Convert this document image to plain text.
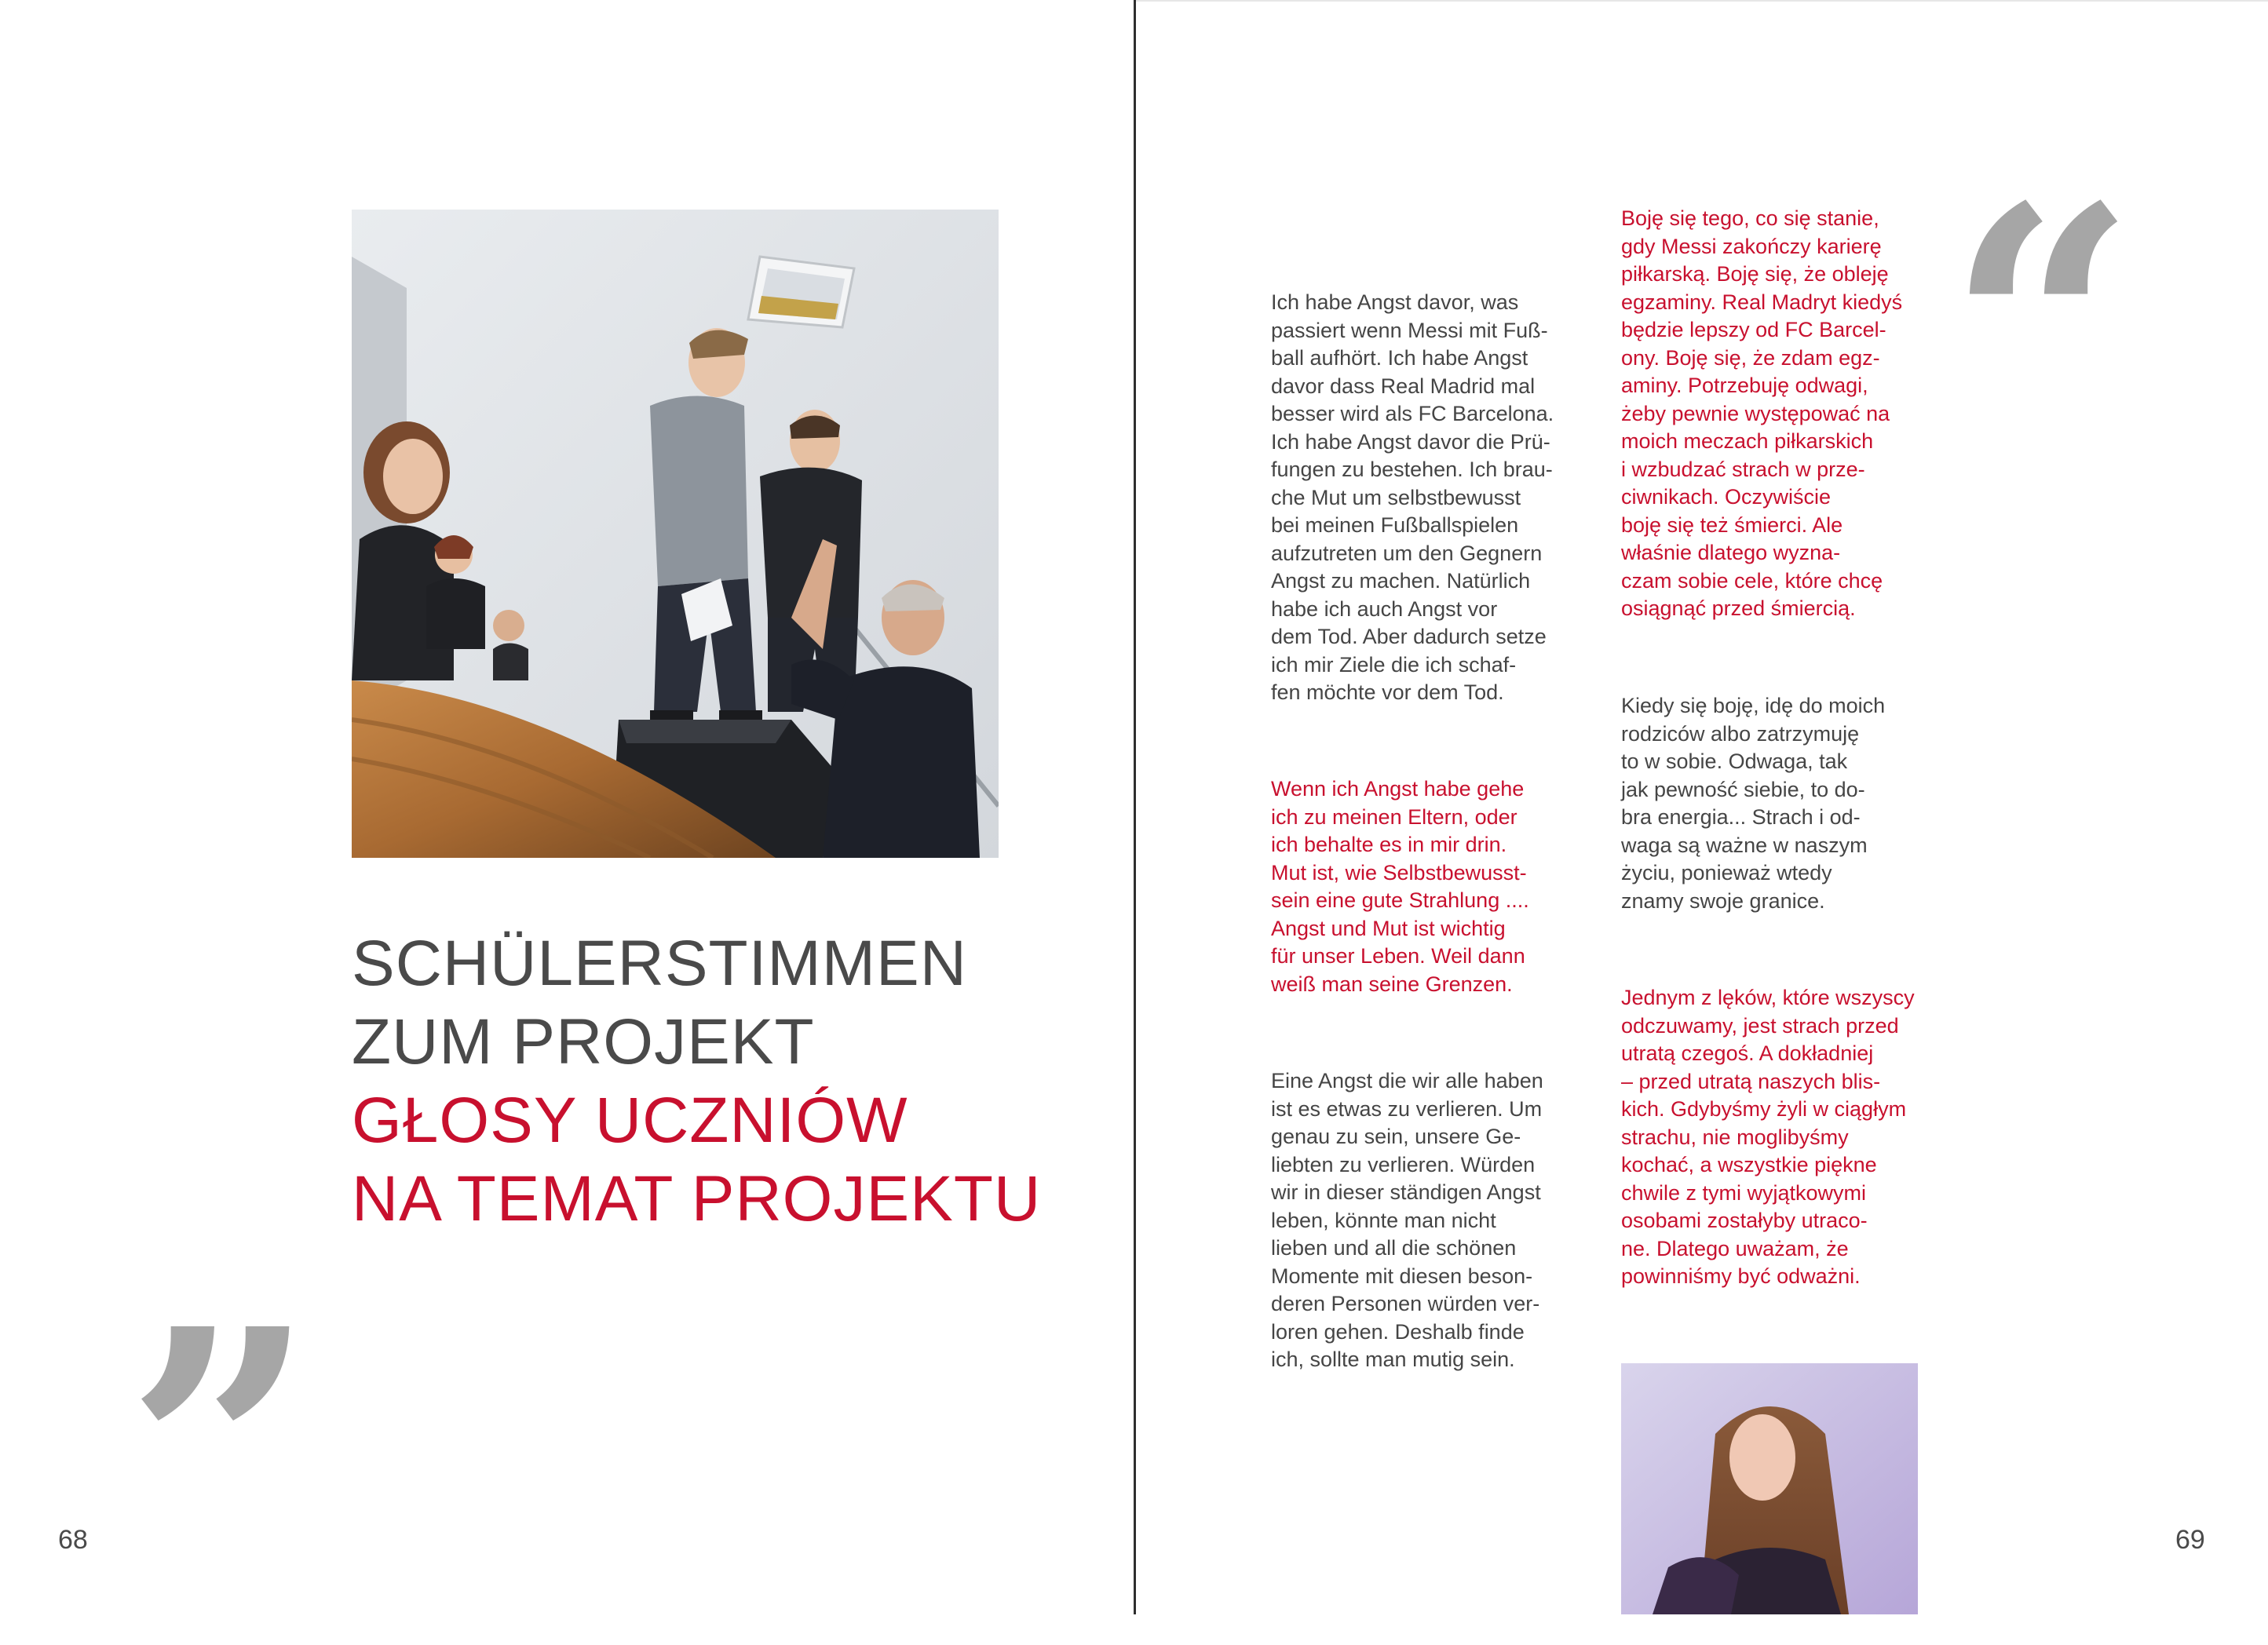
SCHÜLERSTIMMEN
ZUM PROJEKT
GŁOSY UCZNIÓW
NA TEMAT PROJEKTU
”
68
“
Ich habe Angst davor, was
passiert wenn Messi mit Fuß-
ball aufhört. Ich habe Angst
davor dass Real Madrid mal
besser wird als FC Barcelona.
Ich habe Angst davor die Prü-
fungen zu bestehen. Ich brau-
che Mut um selbstbewusst
bei meinen Fußballspielen
aufzutreten um den Gegnern
Angst zu machen. Natürlich
habe ich auch Angst vor
dem Tod. Aber dadurch setze
ich mir Ziele die ich schaf-
fen möchte vor dem Tod.
Wenn ich Angst habe gehe
ich zu meinen Eltern, oder
ich behalte es in mir drin.
Mut ist, wie Selbstbewusst-
sein eine gute Strahlung ....
Angst und Mut ist wichtig
für unser Leben. Weil dann
weiß man seine Grenzen.
Eine Angst die wir alle haben
ist es etwas zu verlieren. Um
genau zu sein, unsere Ge-
liebten zu verlieren. Würden
wir in dieser ständigen Angst
leben, könnte man nicht
lieben und all die schönen
Momente mit diesen beson-
deren Personen würden ver-
loren gehen. Deshalb finde
ich, sollte man mutig sein.
Boję się tego, co się stanie,
gdy Messi zakończy karierę
piłkarską. Boję się, że obleję
egzaminy. Real Madryt kiedyś
będzie lepszy od FC Barcel-
ony. Boję się, że zdam egz-
aminy. Potrzebuję odwagi,
żeby pewnie występować na
moich meczach piłkarskich
i wzbudzać strach w prze-
ciwnikach. Oczywiście
boję się też śmierci. Ale
właśnie dlatego wyzna-
czam sobie cele, które chcę
osiągnąć przed śmiercią.
Kiedy się boję, idę do moich
rodziców albo zatrzymuję
to w sobie. Odwaga, tak
jak pewność siebie, to do-
bra energia... Strach i od-
waga są ważne w naszym
życiu, ponieważ wtedy
znamy swoje granice.
Jednym z lęków, które wszyscy
odczuwamy, jest strach przed
utratą czegoś. A dokładniej
– przed utratą naszych blis-
kich. Gdybyśmy żyli w ciągłym
strachu, nie moglibyśmy
kochać, a wszystkie piękne
chwile z tymi wyjątkowymi
osobami zostałyby utraco-
ne. Dlatego uważam, że
powinniśmy być odważni.
69
